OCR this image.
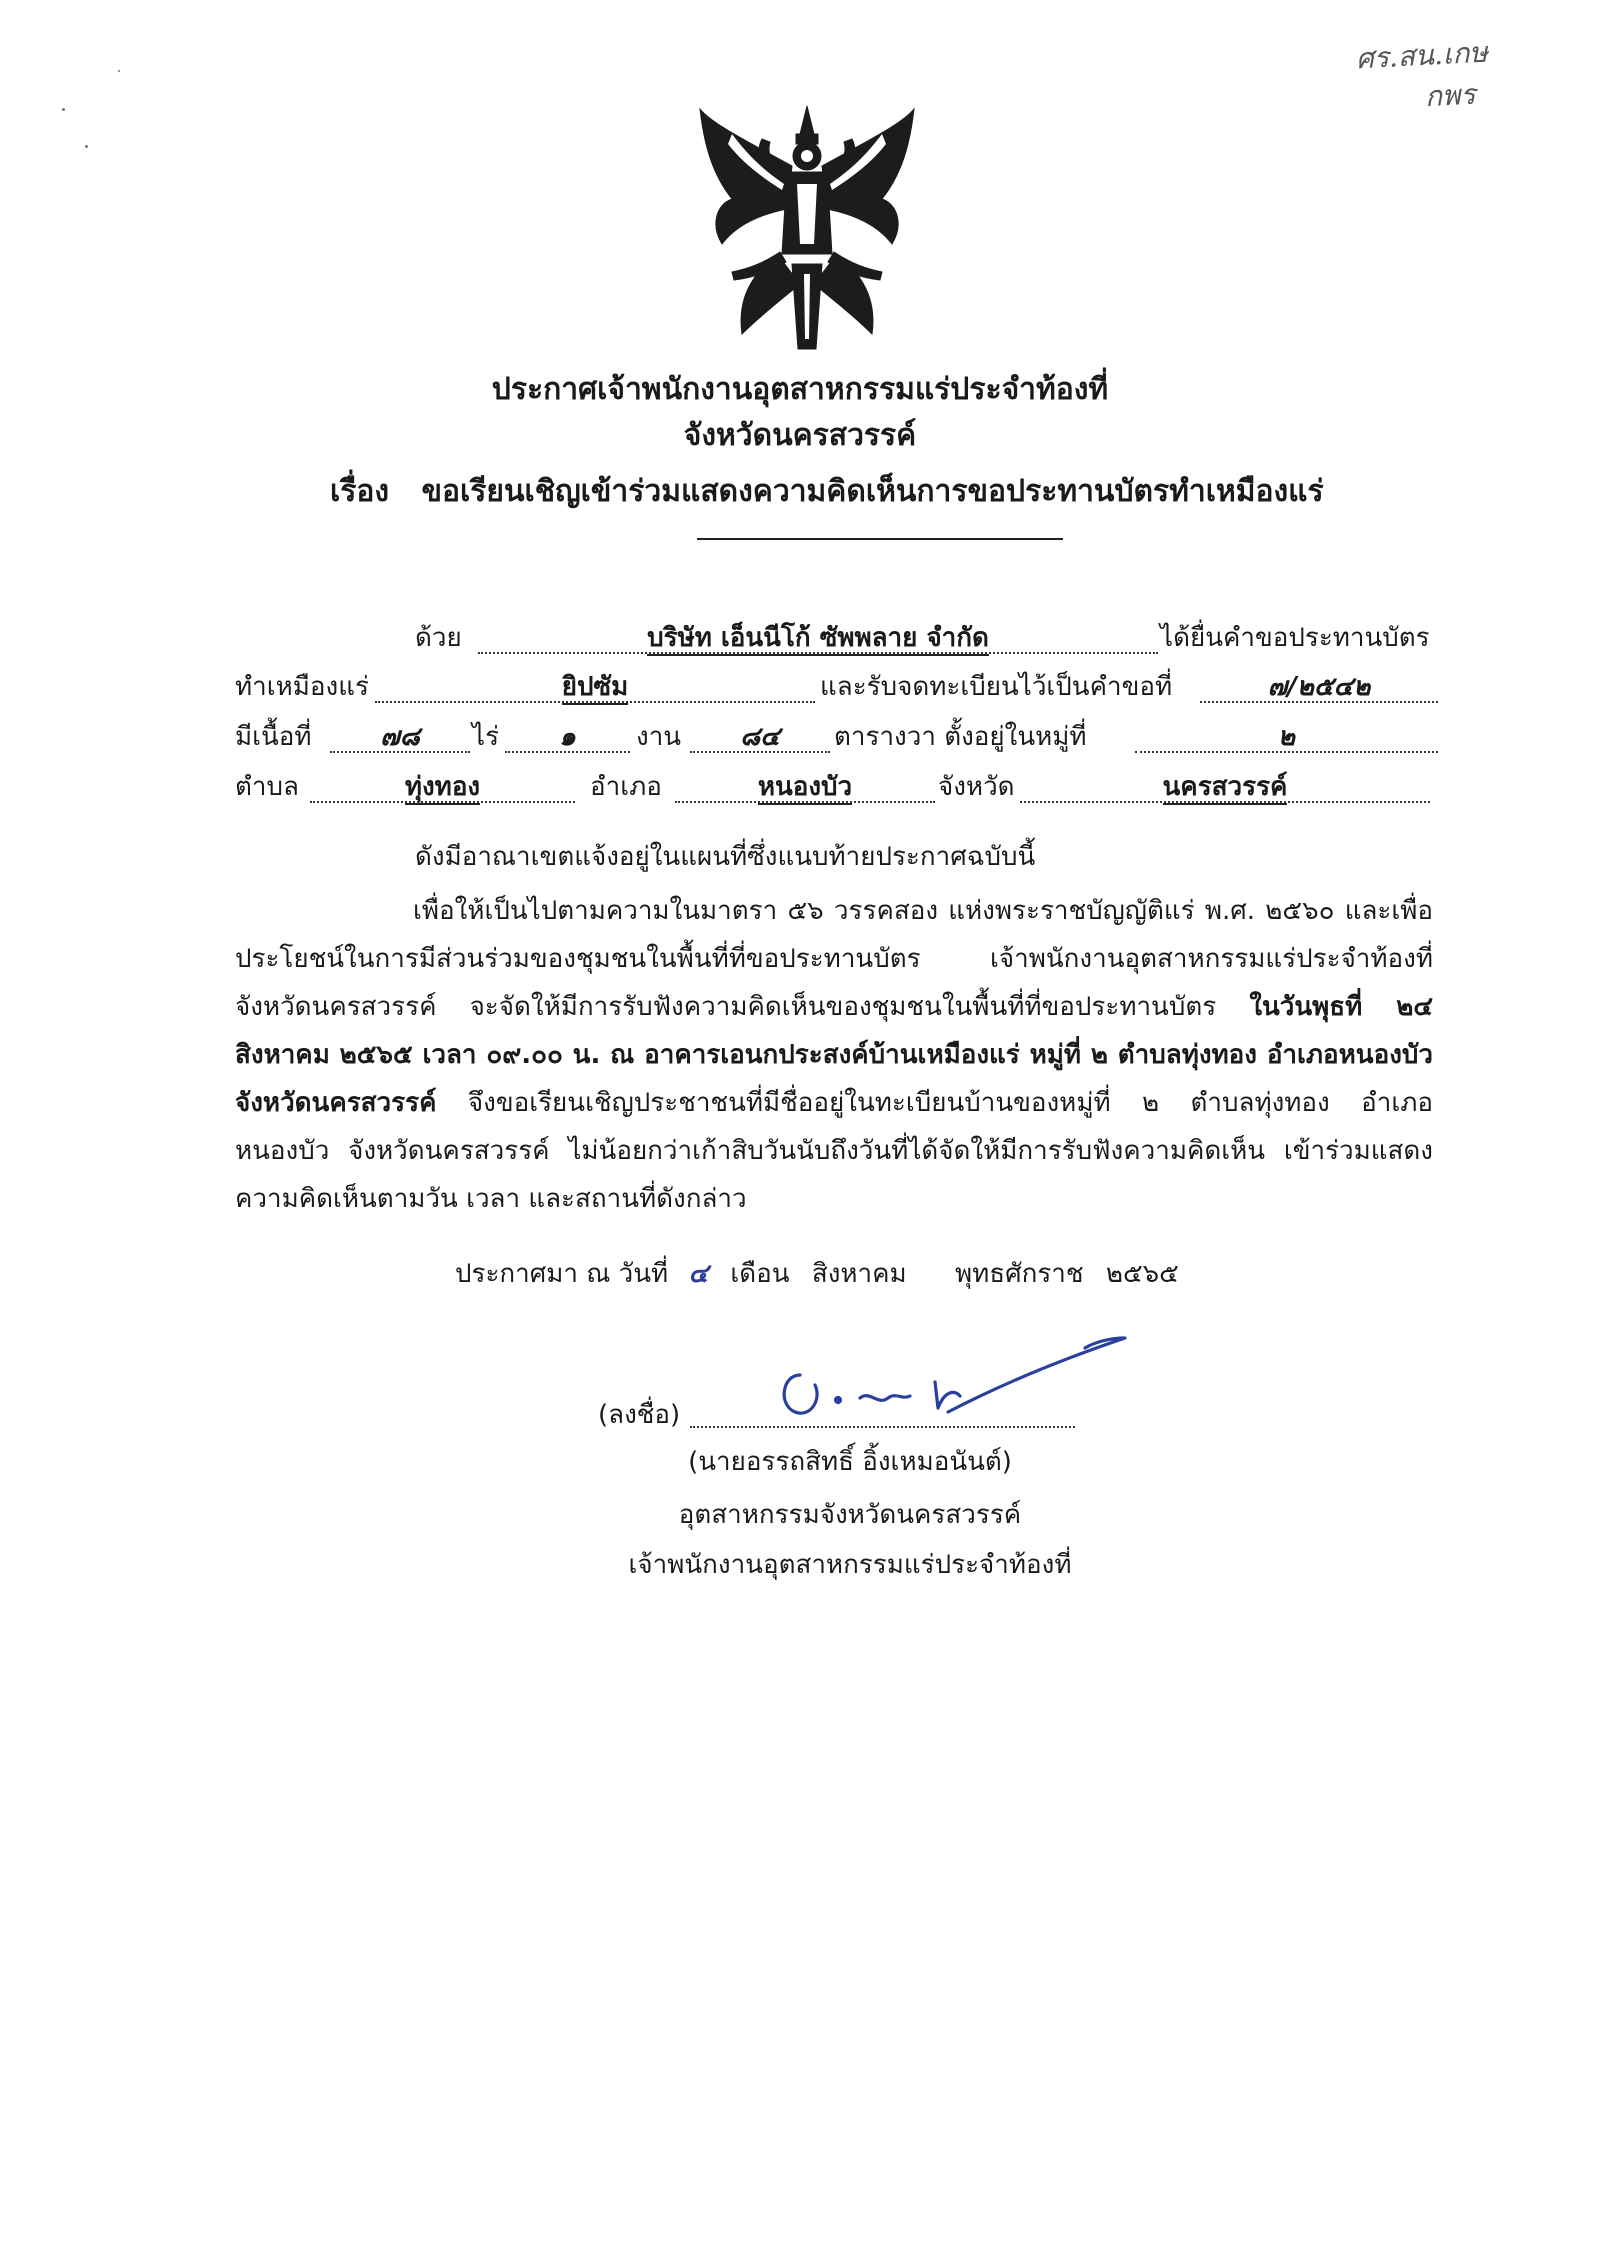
ศร.สน.เกษ
กพร
ประกาศเจ้าพนักงานอุตสาหกรรมแร่ประจำท้องที่
จังหวัดนครสวรรค์
เรื่อง ขอเรียนเชิญเข้าร่วมแสดงความคิดเห็นการขอประทานบัตรทำเหมืองแร่
ด้วย	บริษัท เอ็นนีโก้ ซัพพลาย จำกัด	ได้ยื่นคำขอประทานบัตร
ทำเหมืองแร่	ยิปซัม	และรับจดทะเบียนไว้เป็นคำขอที่	๗/๒๕๔๒
มีเนื้อที่	๗๘	ไร่	๑	งาน	๘๔	ตารางวา ตั้งอยู่ในหมู่ที่	๒
ตำบล	ทุ่งทอง	อำเภอ	หนองบัว	จังหวัด	นครสวรรค์
ดังมีอาณาเขตแจ้งอยู่ในแผนที่ซึ่งแนบท้ายประกาศฉบับนี้
เพื่อให้เป็นไปตามความในมาตรา ๕๖ วรรคสอง แห่งพระราชบัญญัติแร่ พ.ศ. ๒๕๖๐ และเพื่อประโยชน์ในการมีส่วนร่วมของชุมชนในพื้นที่ที่ขอประทานบัตร เจ้าพนักงานอุตสาหกรรมแร่ประจำท้องที่จังหวัดนครสวรรค์ จะจัดให้มีการรับฟังความคิดเห็นของชุมชนในพื้นที่ที่ขอประทานบัตร ในวันพุธที่ ๒๔ สิงหาคม ๒๕๖๕ เวลา ๐๙.๐๐ น. ณ อาคารเอนกประสงค์บ้านเหมืองแร่ หมู่ที่ ๒ ตำบลทุ่งทอง อำเภอหนองบัว จังหวัดนครสวรรค์ จึงขอเรียนเชิญประชาชนที่มีชื่ออยู่ในทะเบียนบ้านของหมู่ที่ ๒ ตำบลทุ่งทอง อำเภอหนองบัว จังหวัดนครสวรรค์ ไม่น้อยกว่าเก้าสิบวันนับถึงวันที่ได้จัดให้มีการรับฟังความคิดเห็น เข้าร่วมแสดงความคิดเห็นตามวัน เวลา และสถานที่ดังกล่าว
ประกาศมา ณ วันที่ ๔ เดือน สิงหาคม พุทธศักราช ๒๕๖๕
(ลงชื่อ)
(นายอรรถสิทธิ์ อิ้งเหมอนันต์)
อุตสาหกรรมจังหวัดนครสวรรค์
เจ้าพนักงานอุตสาหกรรมแร่ประจำท้องที่
